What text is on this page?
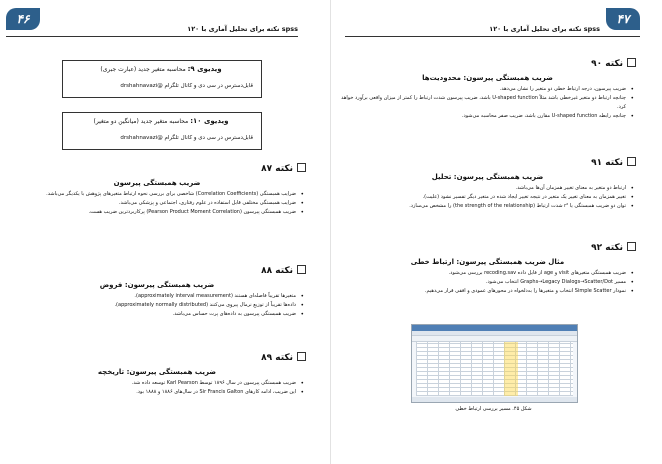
۴۶
۱۲۰ نکته برای تحلیل آماری با spss
ویدیوی ۹: محاسبه متغیر جدید (عبارت جبری)
قابل‌دسترس در سی دی و کانال تلگرام @drshahnavazi
ویدیوی ۱۰: محاسبه متغیر جدید (میانگین دو متغیر)
قابل‌دسترس در سی دی و کانال تلگرام @drshahnavazi
نکته ۸۷
ضریب همبستگی پیرسون
• ضرایب همبستگی (Correlation Coefficients) شاخصی برای بررسی نحوه ارتباط متغیرهای پژوهش با یکدیگر می‌باشد.
• ضرایب همبستگی مختلفی قابل استفاده در علوم رفتاری، اجتماعی و پزشکی می‌باشد.
• ضریب همبستگی پیرسون (Pearson Product Moment Correlation) پرکاربردترین ضریب هست.
نکته ۸۸
ضریب همبستگی پیرسون: فروض
• متغیرها تقریباً فاصله‌ای هستند (approximately interval measurement).
• داده‌ها تقریباً از توزیع نرمال پیروی می‌کنند (approximately normally distributed).
• ضریب همبستگی پیرسون به داده‌های پرت حساس می‌باشد.
نکته ۸۹
ضریب همبستگی پیرسون: تاریخچه
• ضریب همبستگی پیرسون در سال ۱۸۹۶ توسط Karl Pearson توسعه داده شد.
• این ضریب، ادامه کارهای Sir Francis Galton در سال‌های ۱۸۸۶ و ۱۸۸۸ بود.
۴۷
۱۲۰ نکته برای تحلیل آماری با spss
نکته ۹۰
ضریب همبستگی پیرسون: محدودیت‌ها
• ضریب پیرسون، درجه ارتباط خطی دو متغیر را نشان می‌دهد.
• چنانچه ارتباط دو متغیر غیرخطی باشد مثلاً U-shaped function باشد، ضریب پیرسون شدت ارتباط را کمتر از میزان واقعی برآورد خواهد کرد.
• چنانچه رابطه U-shaped function مقارن باشد، ضریب صفر محاسبه می‌شود.
نکته ۹۱
ضریب همبستگی پیرسون: تحلیل
• ارتباط دو متغیر به معنای تغییر همزمان آن‌ها می‌باشد.
• تغییر همزمان به معنای تغییر یک متغیر در نتیجه تغییر ایجاد شده در متغیر دیگر تفسیر نشود (علیت).
• توان دو ضریب همبستگی یا r² شدت ارتباط (the strength of the relationship) را مشخص می‌سازد.
نکته ۹۲
مثال ضریب همبستگی پیرسون: ارتباط خطی
• ضریب همبستگی متغیرهای visit و age از فایل داده recoding.sav بررسی می‌شود.
• مسیر Graphs→Legacy Dialogs→Scatter/Dot انتخاب می‌شود.
• نمودار Simple Scatter انتخاب و متغیرها را به‌دلخواه در محورهای عمودی و افقی قرار می‌دهیم.
شکل ۴۵. مسیر بررسی ارتباط خطی
